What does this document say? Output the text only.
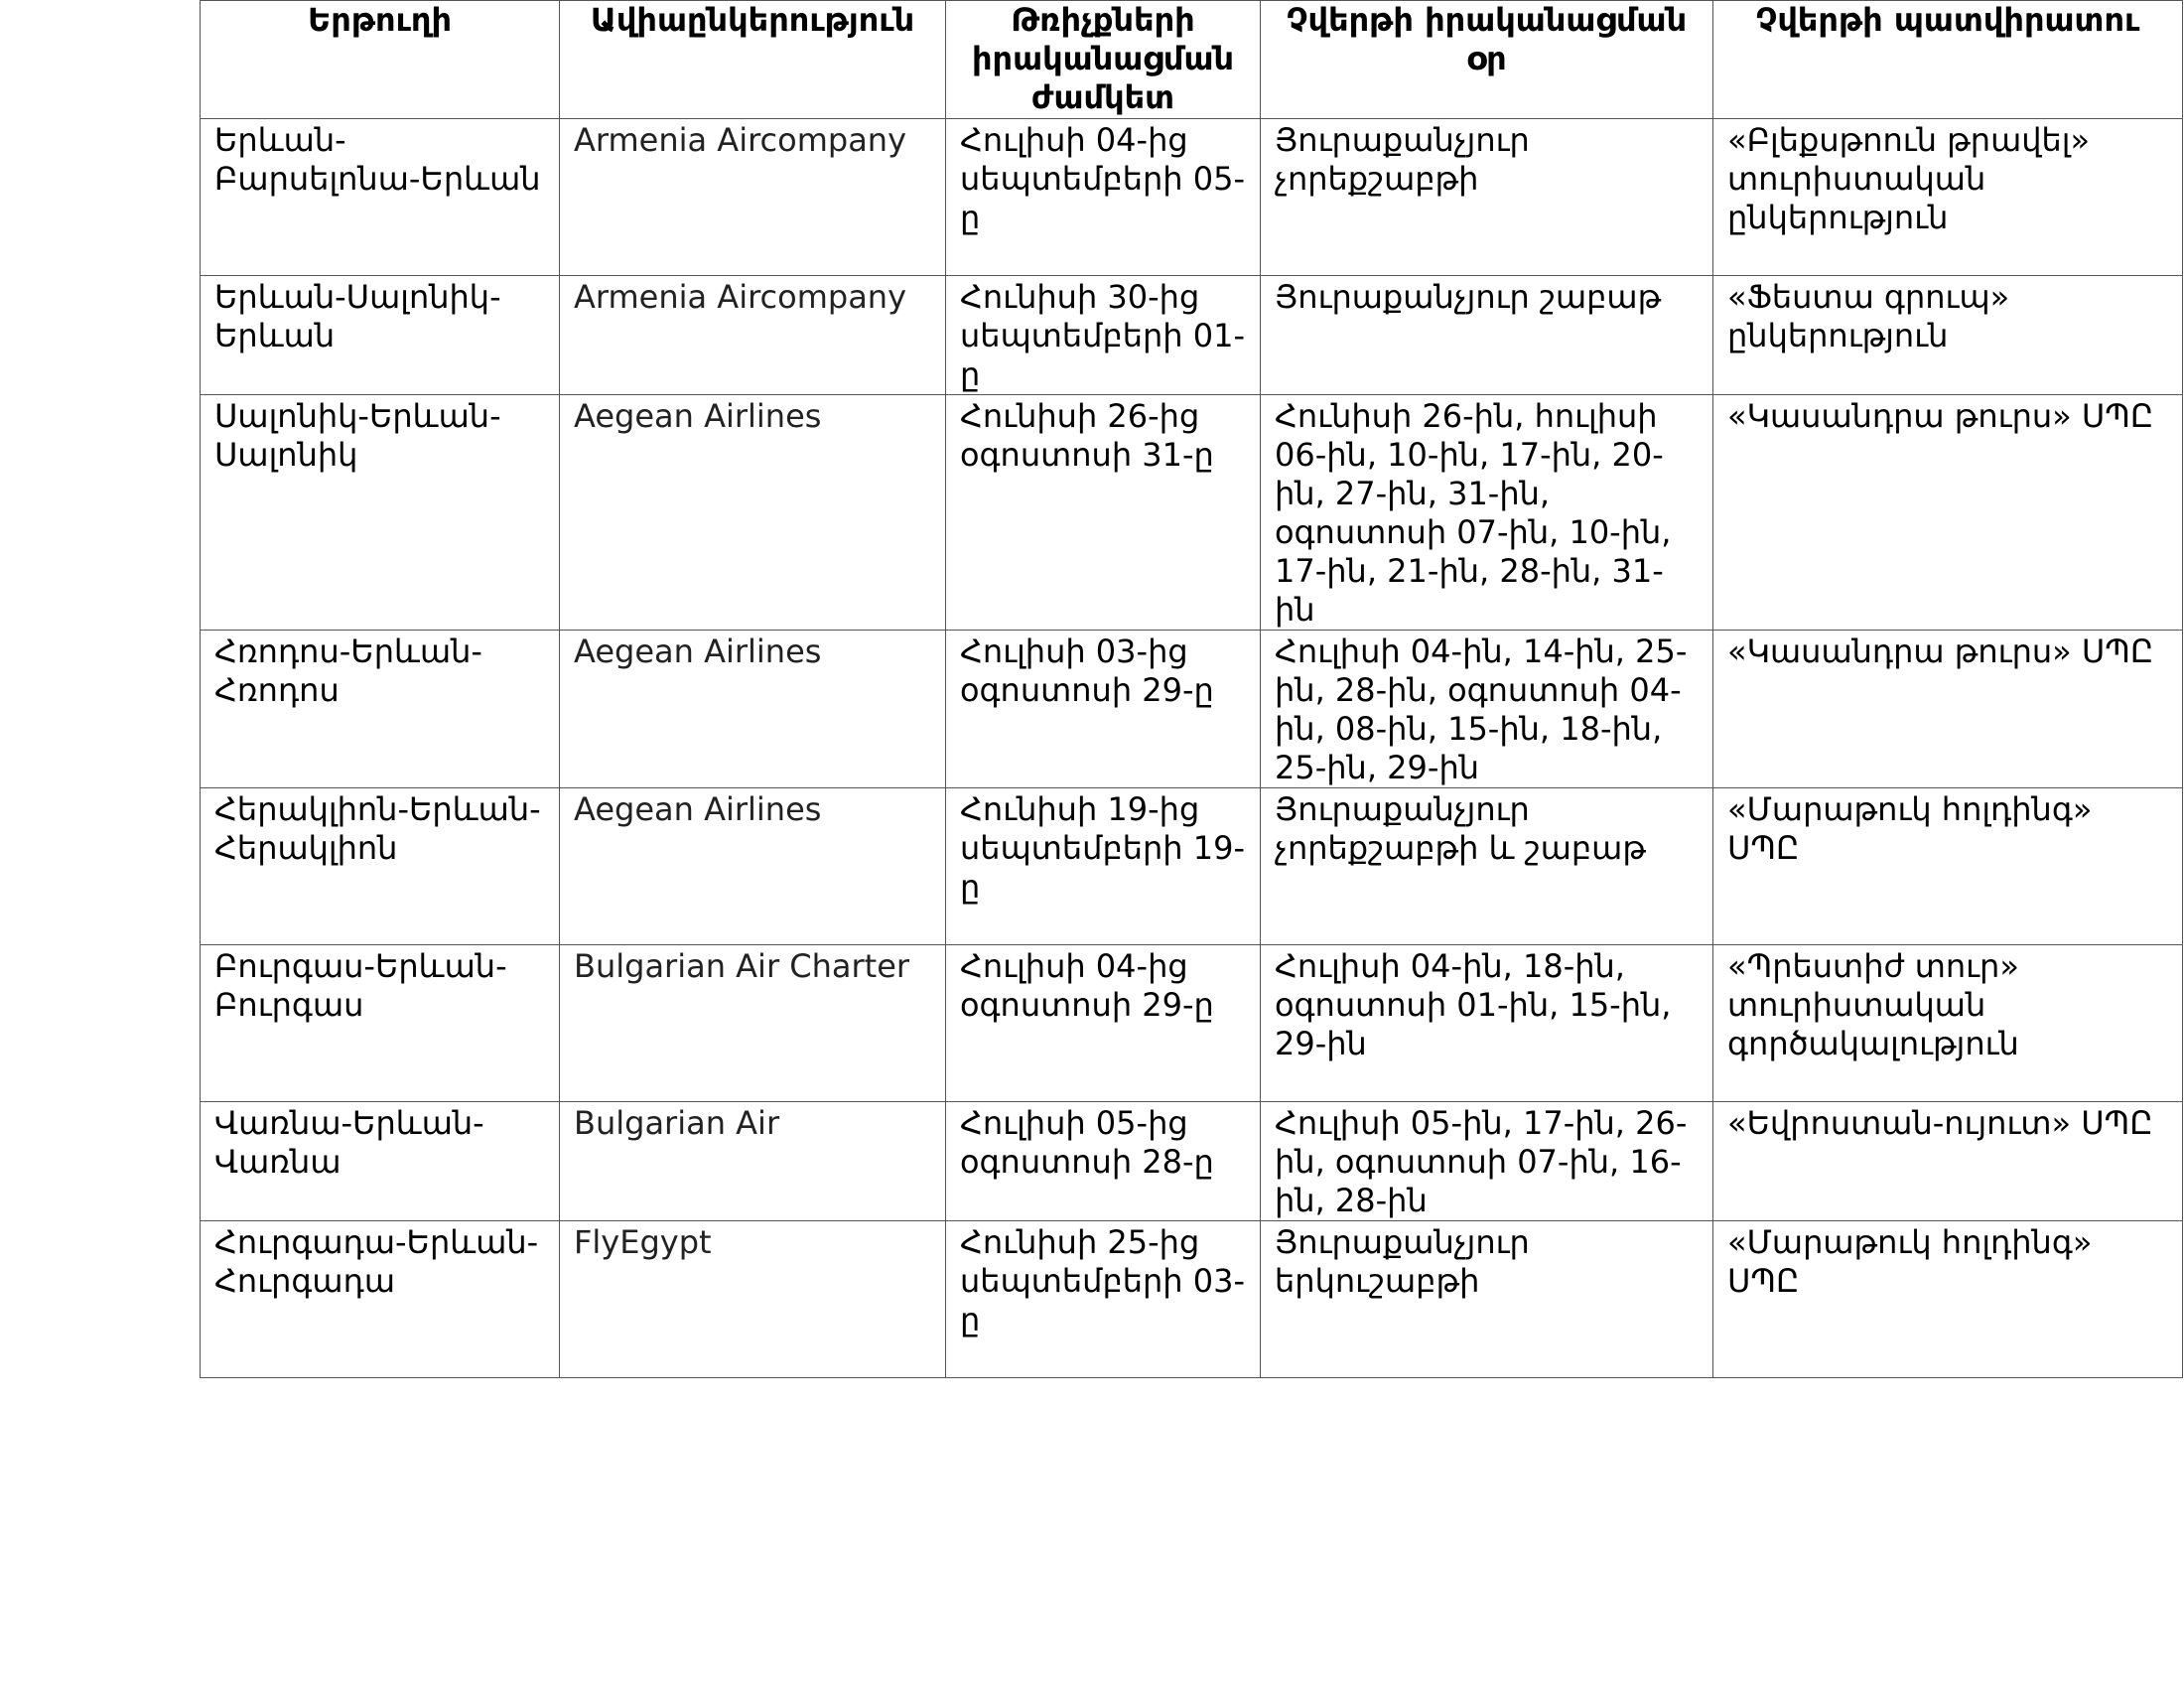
Երթուղի	Ավիաընկերություն	Թռիչքների իրականացման ժամկետ	Չվերթի իրականացման օր	Չվերթի պատվիրատու
Երևան-Բարսելոնա-Երևան	Armenia Aircompany	Հուլիսի 04-ից սեպտեմբերի 05-ը	Յուրաքանչյուր չորեքշաբթի	«Բլեքսթոուն թրավել» տուրիստական ընկերություն
Երևան-Սալոնիկ-Երևան	Armenia Aircompany	Հունիսի 30-ից սեպտեմբերի 01-ը	Յուրաքանչյուր շաբաթ	«Ֆեստա գրուպ» ընկերություն
Սալոնիկ-Երևան-Սալոնիկ	Aegean Airlines	Հունիսի 26-ից օգոստոսի 31-ը	Հունիսի 26-ին, հուլիսի 06-ին, 10-ին, 17-ին, 20-ին, 27-ին, 31-ին, օգոստոսի 07-ին, 10-ին, 17-ին, 21-ին, 28-ին, 31-ին	«Կասանդրա թուրս» ՍՊԸ
Հռոդոս-Երևան-Հռոդոս	Aegean Airlines	Հուլիսի 03-ից օգոստոսի 29-ը	Հուլիսի 04-ին, 14-ին, 25-ին, 28-ին, օգոստոսի 04-ին, 08-ին, 15-ին, 18-ին, 25-ին, 29-ին	«Կասանդրա թուրս» ՍՊԸ
Հերակլիոն-Երևան-Հերակլիոն	Aegean Airlines	Հունիսի 19-ից սեպտեմբերի 19-ը	Յուրաքանչյուր չորեքշաբթի և շաբաթ	«Մարաթուկ հոլդինգ» ՍՊԸ
Բուրգաս-Երևան-Բուրգաս	Bulgarian Air Charter	Հուլիսի 04-ից օգոստոսի 29-ը	Հուլիսի 04-ին, 18-ին, օգոստոսի 01-ին, 15-ին, 29-ին	«Պրեստիժ տուր» տուրիստական գործակալություն
Վառնա-Երևան-Վառնա	Bulgarian Air	Հուլիսի 05-ից օգոստոսի 28-ը	Հուլիսի 05-ին, 17-ին, 26-ին, օգոստոսի 07-ին, 16-ին, 28-ին	«Եվրոստան-ույուտ» ՍՊԸ
Հուրգադա-Երևան-Հուրգադա	FlyEgypt	Հունիսի 25-ից սեպտեմբերի 03-ը	Յուրաքանչյուր երկուշաբթի	«Մարաթուկ հոլդինգ» ՍՊԸ
